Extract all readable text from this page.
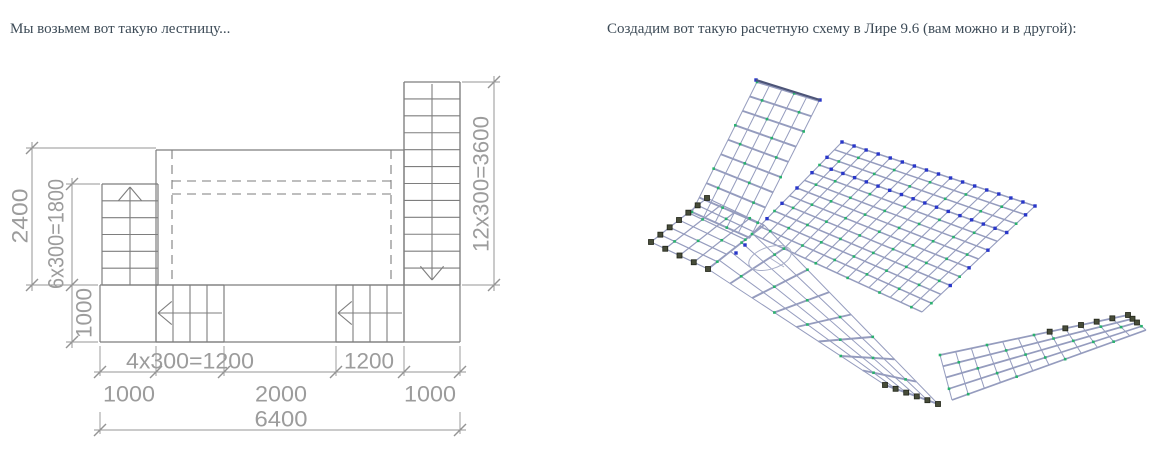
Мы возьмем вот такую лестницу...	Создадим вот такую расчетную схему в Лире 9.6 (вам можно и в другой):
2400 6x300=1800
1000
12x300=3600
4x300=1200	1200
1000	2000	1000
6400
